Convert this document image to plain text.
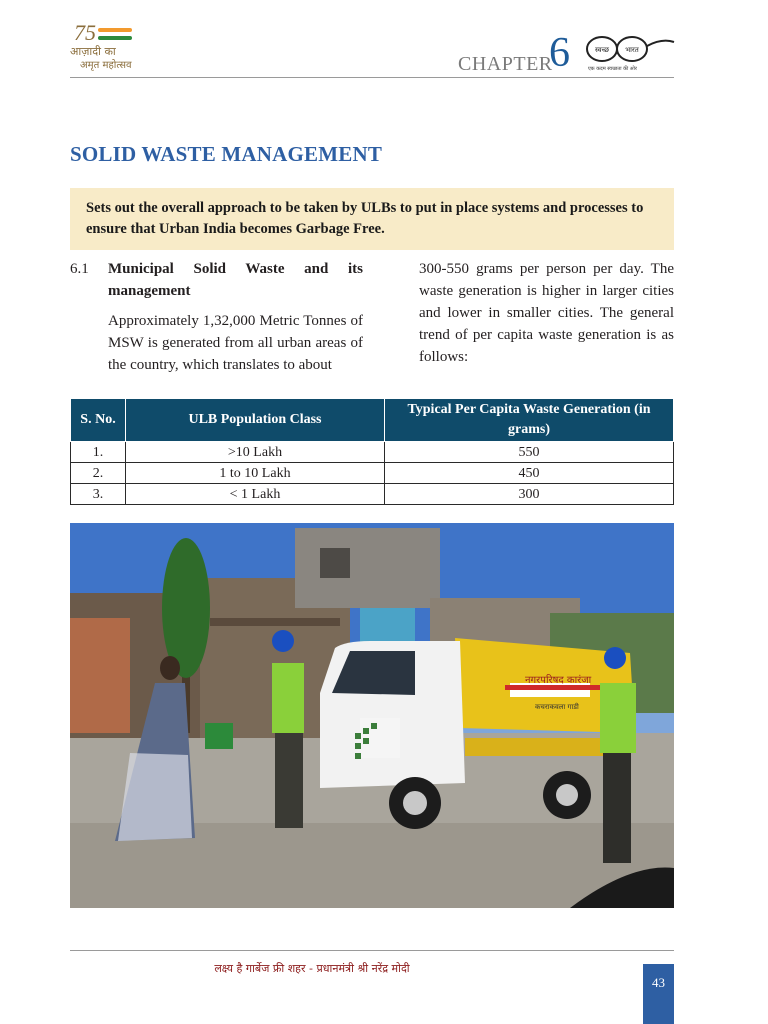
75
आज़ादी का
अमृत महोत्सव	CHAPTER
6	स्वच्छ भारत
एक कदम स्वच्छता की ओर
SOLID WASTE MANAGEMENT
Sets out the overall approach to be taken by ULBs to put in place systems and processes to ensure that Urban India becomes Garbage Free.
6.1 Municipal Solid Waste and its management
Approximately 1,32,000 Metric Tonnes of MSW is generated from all urban areas of the country, which translates to about
300-550 grams per person per day. The waste generation is higher in larger cities and lower in smaller cities. The general trend of per capita waste generation is as follows:
S. No.	ULB Population Class	Typical Per Capita Waste Generation (in grams)
1.	>10 Lakh	550
2.	1 to 10 Lakh	450
3.	< 1 Lakh	300
नगरपरिषद कारंजा
कचराकवला गाडी
लक्ष्य है गार्बेज फ्री शहर - प्रधानमंत्री श्री नरेंद्र मोदी
43
